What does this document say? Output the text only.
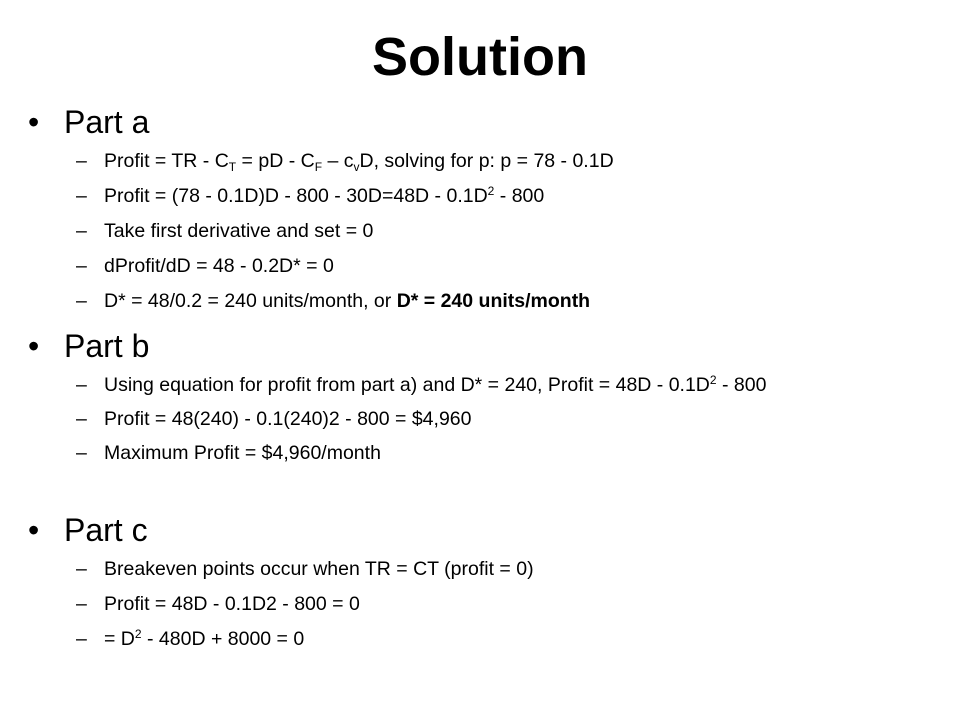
Solution
• Part a
– Profit = TR - $C_T$ = pD - $C_F - c_vD$, solving for p: p = 78 - 0.1D
– Profit = $(78 - 0.1D)D - 800 - 30D=48D - 0.1D^2 - 800$
– Take first derivative and set = 0
– dProfit/dD = 48 - 0.2D* = 0
– D* = 48/0.2 = 240 units/month, or D* = 240 units/month
• Part b
– Using equation for profit from part a) and D* = 240, Profit = $48D - 0.1D^2 - 800$
– Profit = 48(240) - 0.1(240)2 - 800 = $4,960
– Maximum Profit = $4,960/month
• Part c
– Breakeven points occur when TR = CT (profit = 0)
– Profit = 48D - 0.1D2 - 800 = 0
– = $D^2 - 480D + 8000 = 0$
